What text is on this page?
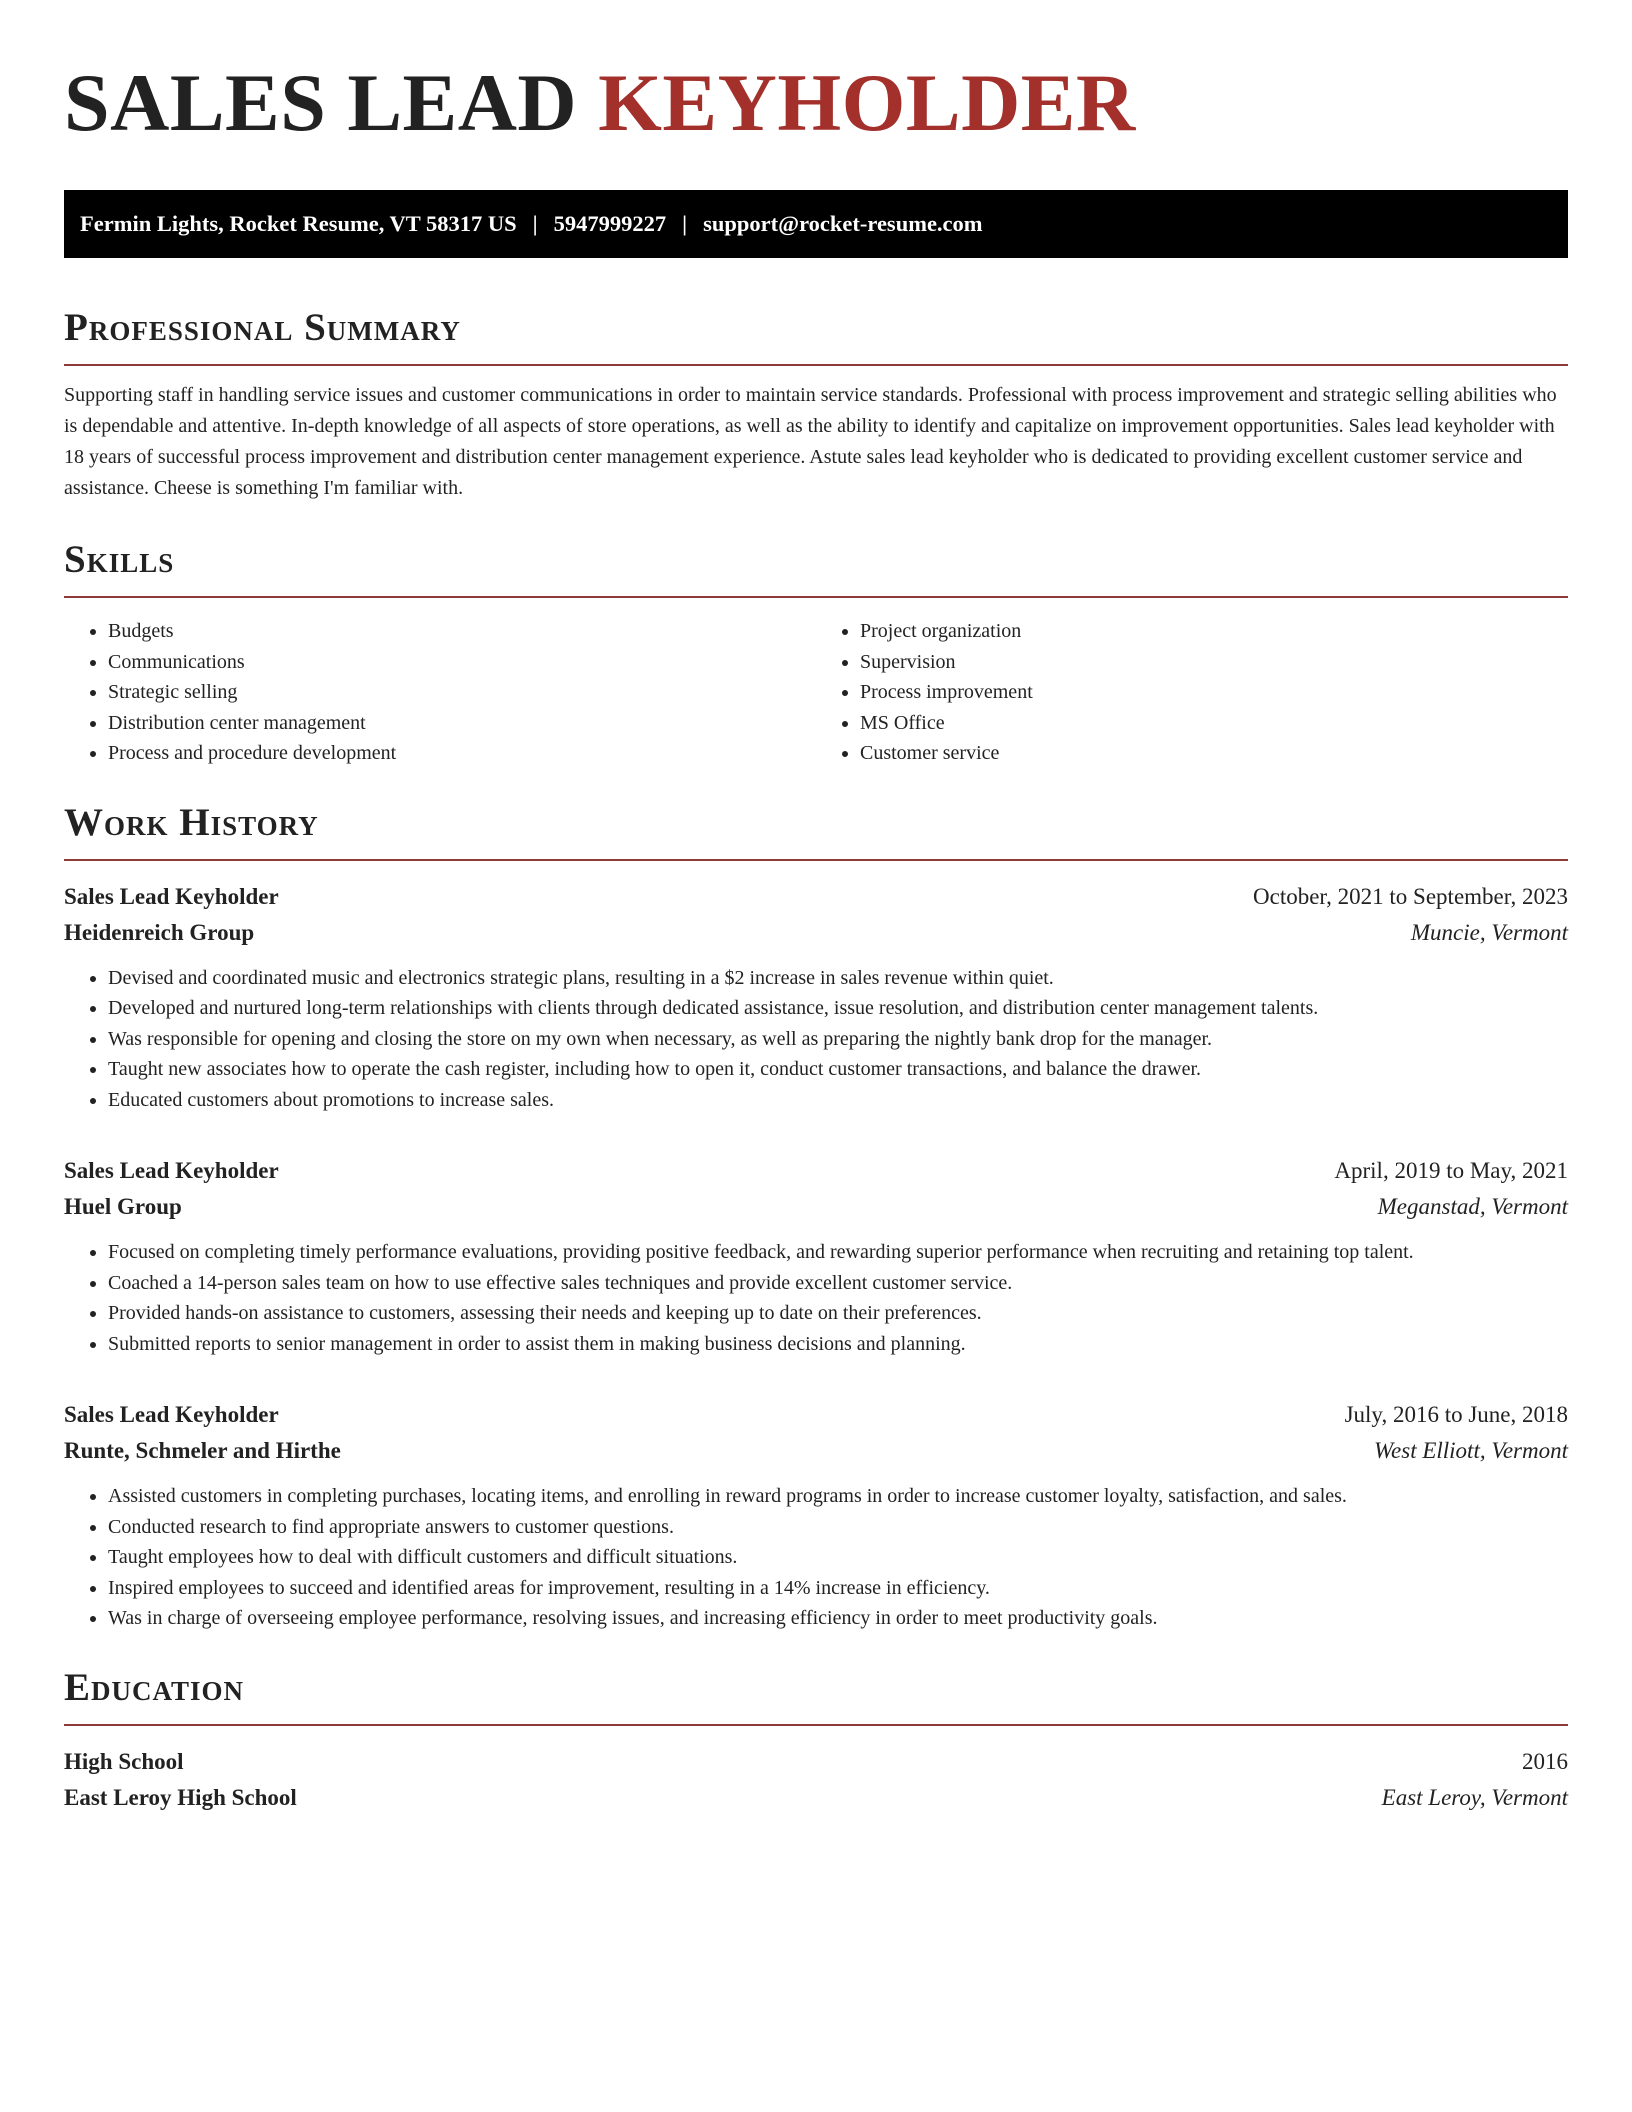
SALES LEAD KEYHOLDER
Fermin Lights, Rocket Resume, VT 58317 US | 5947999227 | support@rocket-resume.com
Professional Summary

Supporting staff in handling service issues and customer communications in order to maintain service standards. Professional with process improvement and strategic selling abilities who is dependable and attentive. In-depth knowledge of all aspects of store operations, as well as the ability to identify and capitalize on improvement opportunities. Sales lead keyholder with 18 years of successful process improvement and distribution center management experience. Astute sales lead keyholder who is dedicated to providing excellent customer service and assistance. Cheese is something I'm familiar with.

Skills
• Budgets
• Communications
• Strategic selling
• Distribution center management
• Process and procedure development
• Project organization
• Supervision
• Process improvement
• MS Office
• Customer service
Work History
Sales Lead Keyholder	October, 2021 to September, 2023
Heidenreich Group	Muncie, Vermont
• Devised and coordinated music and electronics strategic plans, resulting in a $2 increase in sales revenue within quiet.
• Developed and nurtured long-term relationships with clients through dedicated assistance, issue resolution, and distribution center management talents.
• Was responsible for opening and closing the store on my own when necessary, as well as preparing the nightly bank drop for the manager.
• Taught new associates how to operate the cash register, including how to open it, conduct customer transactions, and balance the drawer.
• Educated customers about promotions to increase sales.
Sales Lead Keyholder	April, 2019 to May, 2021
Huel Group	Meganstad, Vermont
• Focused on completing timely performance evaluations, providing positive feedback, and rewarding superior performance when recruiting and retaining top talent.
• Coached a 14-person sales team on how to use effective sales techniques and provide excellent customer service.
• Provided hands-on assistance to customers, assessing their needs and keeping up to date on their preferences.
• Submitted reports to senior management in order to assist them in making business decisions and planning.
Sales Lead Keyholder	July, 2016 to June, 2018
Runte, Schmeler and Hirthe	West Elliott, Vermont
• Assisted customers in completing purchases, locating items, and enrolling in reward programs in order to increase customer loyalty, satisfaction, and sales.
• Conducted research to find appropriate answers to customer questions.
• Taught employees how to deal with difficult customers and difficult situations.
• Inspired employees to succeed and identified areas for improvement, resulting in a 14% increase in efficiency.
• Was in charge of overseeing employee performance, resolving issues, and increasing efficiency in order to meet productivity goals.
Education
High School	2016
East Leroy High School	East Leroy, Vermont
